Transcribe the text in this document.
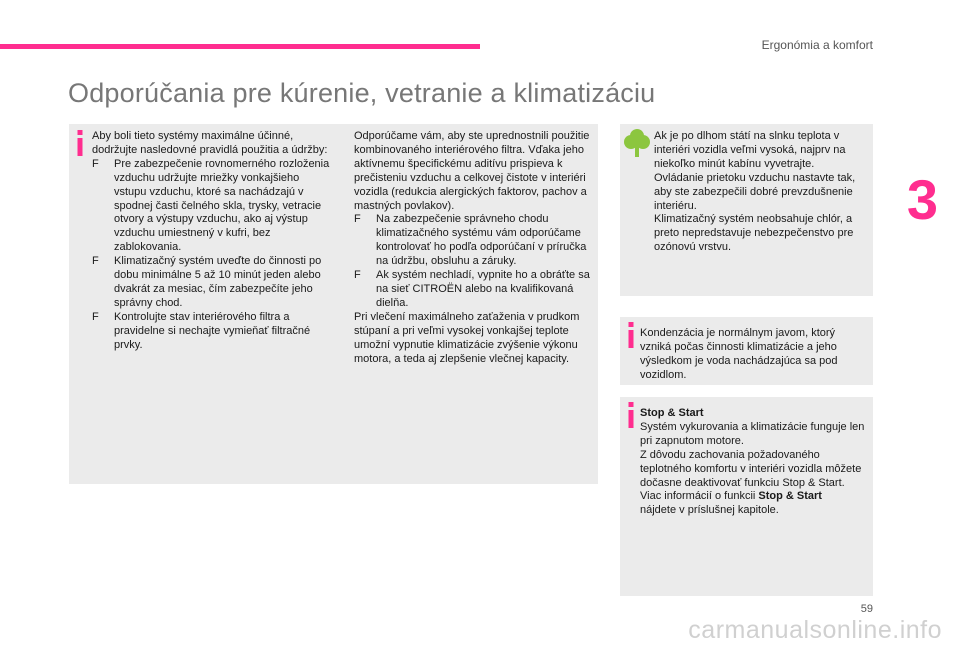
Ergonómia a komfort
3
Odporúčania pre kúrenie, vetranie a klimatizáciu

Aby boli tieto systémy maximálne účinné, dodržujte nasledovné pravidlá použitia a údržby:

F	Pre zabezpečenie rovnomerného rozloženia vzduchu udržujte mriežky vonkajšieho vstupu vzduchu, ktoré sa nachádzajú v spodnej časti čelného skla, trysky, vetracie otvory a výstupy vzduchu, ako aj výstup vzduchu umiestnený v kufri, bez zablokovania.
F	Klimatizačný systém uveďte do činnosti po dobu minimálne 5 až 10 minút jeden alebo dvakrát za mesiac, čím zabezpečíte jeho správny chod.
F	Kontrolujte stav interiérového filtra a pravidelne si nechajte vymieňať filtračné prvky.

Odporúčame vám, aby ste uprednostnili použitie kombinovaného interiérového filtra. Vďaka jeho aktívnemu špecifickému aditívu prispieva k prečisteniu vzduchu a celkovej čistote v interiéri vozidla (redukcia alergických faktorov, pachov a mastných povlakov).

F	Na zabezpečenie správneho chodu klimatizačného systému vám odporúčame kontrolovať ho podľa odporúčaní v príručka na údržbu, obsluhu a záruky.
F	Ak systém nechladí, vypnite ho a obráťte sa na sieť CITROËN alebo na kvalifikovaná dielňa.

Pri vlečení maximálneho zaťaženia v prudkom stúpaní a pri veľmi vysokej vonkajšej teplote umožní vypnutie klimatizácie zvýšenie výkonu motora, a teda aj zlepšenie vlečnej kapacity.

Ak je po dlhom státí na slnku teplota v interiéri vozidla veľmi vysoká, najprv na niekoľko minút kabínu vyvetrajte.

Ovládanie prietoku vzduchu nastavte tak, aby ste zabezpečili dobré prevzdušnenie interiéru.

Klimatizačný systém neobsahuje chlór, a preto nepredstavuje nebezpečenstvo pre ozónovú vrstvu.

Kondenzácia je normálnym javom, ktorý vzniká počas činnosti klimatizácie a jeho výsledkom je voda nachádzajúca sa pod vozidlom.

Stop & Start

Systém vykurovania a klimatizácie funguje len pri zapnutom motore.

Z dôvodu zachovania požadovaného teplotného komfortu v interiéri vozidla môžete dočasne deaktivovať funkciu Stop & Start.

Viac informácií o funkcii Stop & Start

nájdete v príslušnej kapitole.

59
carmanualsonline.info
